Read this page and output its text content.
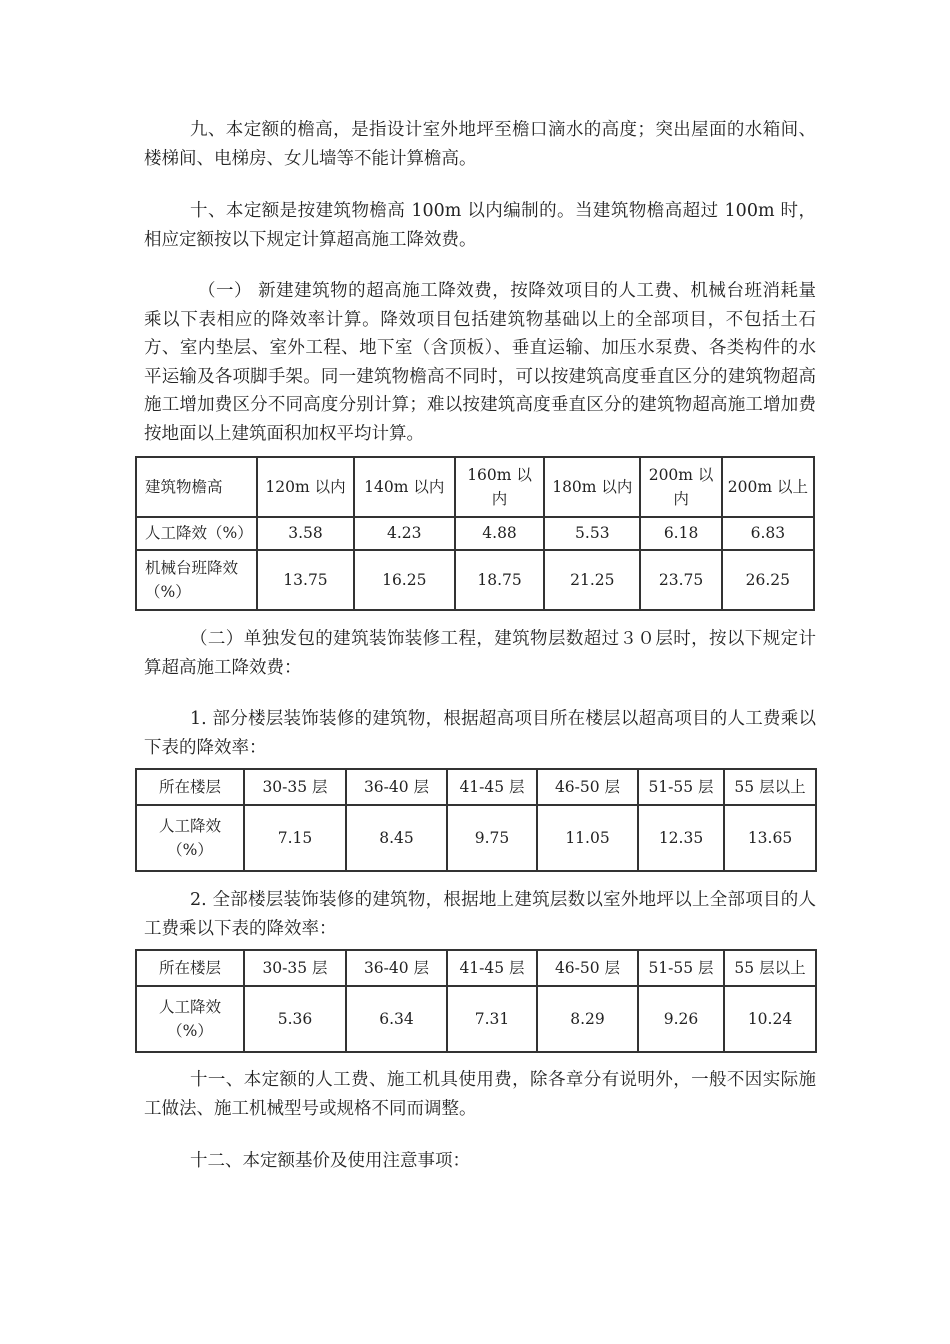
九、本定额的檐高，是指设计室外地坪至檐口滴水的高度；突出屋面的水箱间、楼梯间、电梯房、女儿墙等不能计算檐高。

十、本定额是按建筑物檐高 100m 以内编制的。当建筑物檐高超过 100m 时，相应定额按以下规定计算超高施工降效费。

（一） 新建建筑物的超高施工降效费，按降效项目的人工费、机械台班消耗量乘以下表相应的降效率计算。降效项目包括建筑物基础以上的全部项目，不包括土石方、室内垫层、室外工程、地下室（含顶板）、垂直运输、加压水泵费、各类构件的水平运输及各项脚手架。同一建筑物檐高不同时，可以按建筑高度垂直区分的建筑物超高施工增加费区分不同高度分别计算；难以按建筑高度垂直区分的建筑物超高施工增加费按地面以上建筑面积加权平均计算。

建筑物檐高	120m 以内	140m 以内	160m 以内	180m 以内	200m 以内	200m 以上
人工降效（%）	3.58	4.23	4.88	5.53	6.18	6.83
机械台班降效（%）	13.75	16.25	18.75	21.25	23.75	26.25

（二）单独发包的建筑装饰装修工程，建筑物层数超过３０层时，按以下规定计算超高施工降效费：

1. 部分楼层装饰装修的建筑物，根据超高项目所在楼层以超高项目的人工费乘以下表的降效率：

所在楼层	30-35 层	36-40 层	41-45 层	46-50 层	51-55 层	55 层以上
人工降效（%）	7.15	8.45	9.75	11.05	12.35	13.65

2. 全部楼层装饰装修的建筑物，根据地上建筑层数以室外地坪以上全部项目的人工费乘以下表的降效率：

所在楼层	30-35 层	36-40 层	41-45 层	46-50 层	51-55 层	55 层以上
人工降效（%）	5.36	6.34	7.31	8.29	9.26	10.24

十一、本定额的人工费、施工机具使用费，除各章分有说明外，一般不因实际施工做法、施工机械型号或规格不同而调整。

十二、本定额基价及使用注意事项：
